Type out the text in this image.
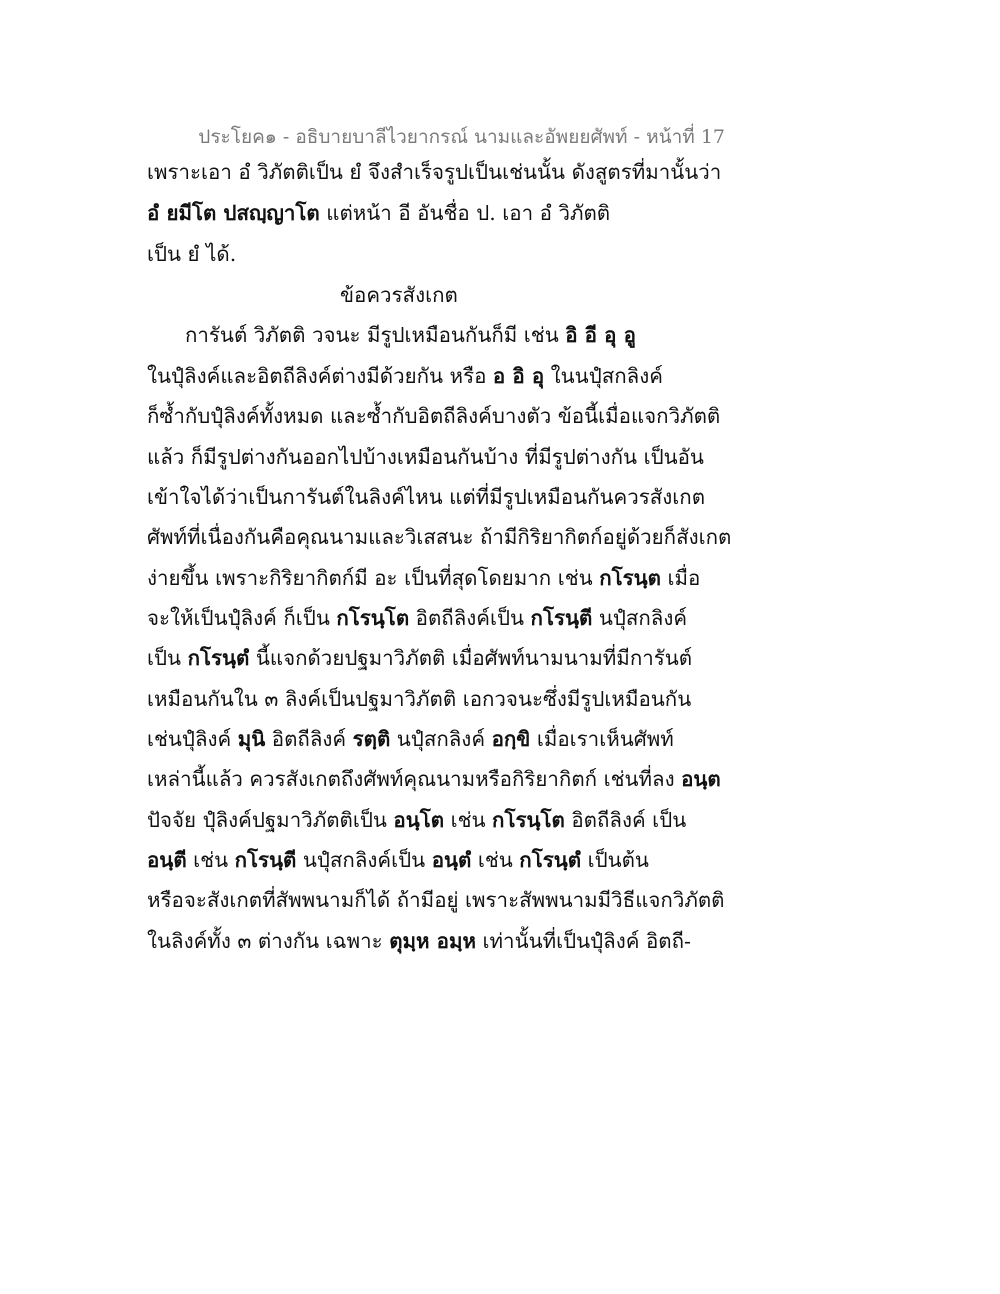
ประโยค๑ - อธิบายบาลีไวยากรณ์ นามและอัพยยศัพท์ - หน้าที่ 17
เพราะเอา อํ วิภัตติเป็น ยํ จึงสำเร็จรูปเป็นเช่นนั้น ดังสูตรที่มานั้นว่า
อํ ยมีโต ปสญฺญาโต แต่หน้า อี อันชื่อ ป. เอา อํ วิภัตติ
เป็น ยํ ได้.
ข้อควรสังเกต
การันต์ วิภัตติ วจนะ มีรูปเหมือนกันก็มี เช่น อิ อี อุ อู
ในปุํลิงค์และอิตถีลิงค์ต่างมีด้วยกัน หรือ อ อิ อุ ในนปุํสกลิงค์
ก็ซ้ำกับปุํลิงค์ทั้งหมด และซ้ำกับอิตถีลิงค์บางตัว ข้อนี้เมื่อแจกวิภัตติ
แล้ว ก็มีรูปต่างกันออกไปบ้างเหมือนกันบ้าง ที่มีรูปต่างกัน เป็นอัน
เข้าใจได้ว่าเป็นการันต์ในลิงค์ไหน แต่ที่มีรูปเหมือนกันควรสังเกต
ศัพท์ที่เนื่องกันคือคุณนามและวิเสสนะ ถ้ามีกิริยากิตก์อยู่ด้วยก็สังเกต
ง่ายขึ้น เพราะกิริยากิตก์มี อะ เป็นที่สุดโดยมาก เช่น กโรนฺต เมื่อ
จะให้เป็นปุํลิงค์ ก็เป็น กโรนฺโต อิตถีลิงค์เป็น กโรนฺตี นปุํสกลิงค์
เป็น กโรนฺตํ นี้แจกด้วยปฐมาวิภัตติ เมื่อศัพท์นามนามที่มีการันต์
เหมือนกันใน ๓ ลิงค์เป็นปฐมาวิภัตติ เอกวจนะซึ่งมีรูปเหมือนกัน
เช่นปุํลิงค์ มุนิ อิตถีลิงค์ รตฺติ นปุํสกลิงค์ อกฺขิ เมื่อเราเห็นศัพท์
เหล่านี้แล้ว ควรสังเกตถึงศัพท์คุณนามหรือกิริยากิตก์ เช่นที่ลง อนฺต
ปัจจัย ปุํลิงค์ปฐมาวิภัตติเป็น อนฺโต เช่น กโรนฺโต อิตถีลิงค์ เป็น
อนฺตี เช่น กโรนฺตี นปุํสกลิงค์เป็น อนฺตํ เช่น กโรนฺตํ เป็นต้น
หรือจะสังเกตที่สัพพนามก็ได้ ถ้ามีอยู่ เพราะสัพพนามมีวิธีแจกวิภัตติ
ในลิงค์ทั้ง ๓ ต่างกัน เฉพาะ ตุมฺห อมฺห เท่านั้นที่เป็นปุํลิงค์ อิตถี-
